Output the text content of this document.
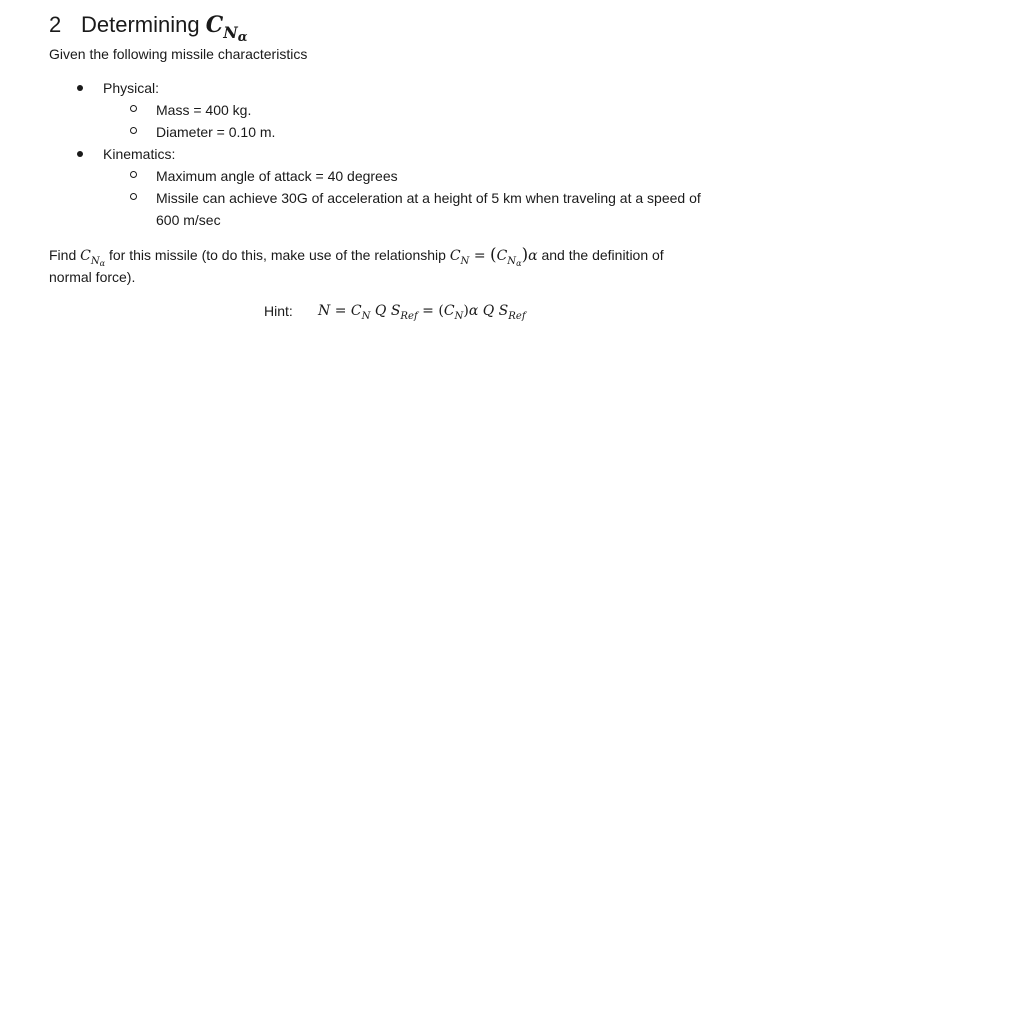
2 Determining $C_{N_\alpha}$
Given the following missile characteristics
Physical:
Mass = 400 kg.
Diameter = 0.10 m.
Kinematics:
Maximum angle of attack = 40 degrees
Missile can achieve 30G of acceleration at a height of 5 km when traveling at a speed of
600 m/sec
Find $C_{N_\alpha}$ for this missile (to do this, make use of the relationship $C_N = (C_{N_\alpha})\alpha$ and the definition of
normal force).
Hint: $N = C_N$ Q $S_{Ref} = (C_N)\alpha$ Q $S_{Ref}$
